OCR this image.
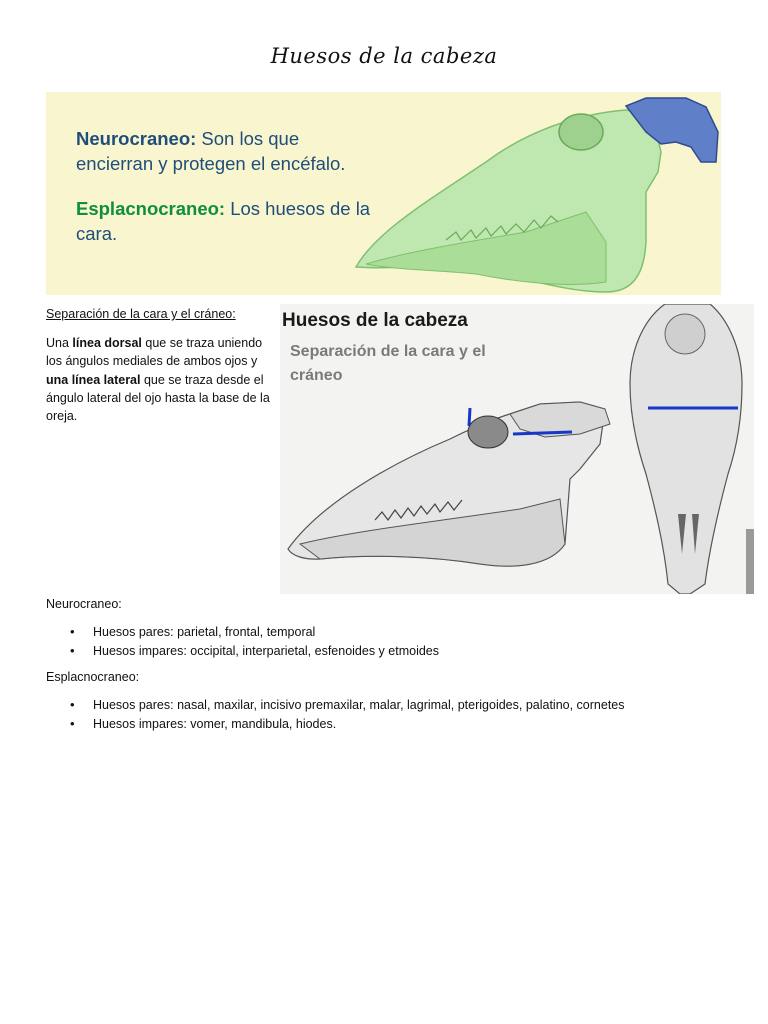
Huesos de la cabeza
Neurocraneo: Son los que encierran y protegen el encéfalo.
Esplacnocraneo: Los huesos de la cara.
Separación de la cara y el cráneo:
Una línea dorsal que se traza uniendo los ángulos mediales de ambos ojos y una línea lateral que se traza desde el ángulo lateral del ojo hasta la base de la oreja.
Huesos de la cabeza
Separación de la cara y el cráneo
Neurocraneo:
• Huesos pares: parietal, frontal, temporal
• Huesos impares: occipital, interparietal, esfenoides y etmoides
Esplacnocraneo:
• Huesos pares: nasal, maxilar, incisivo premaxilar, malar, lagrimal, pterigoides, palatino, cornetes
• Huesos impares: vomer, mandibula, hiodes.
